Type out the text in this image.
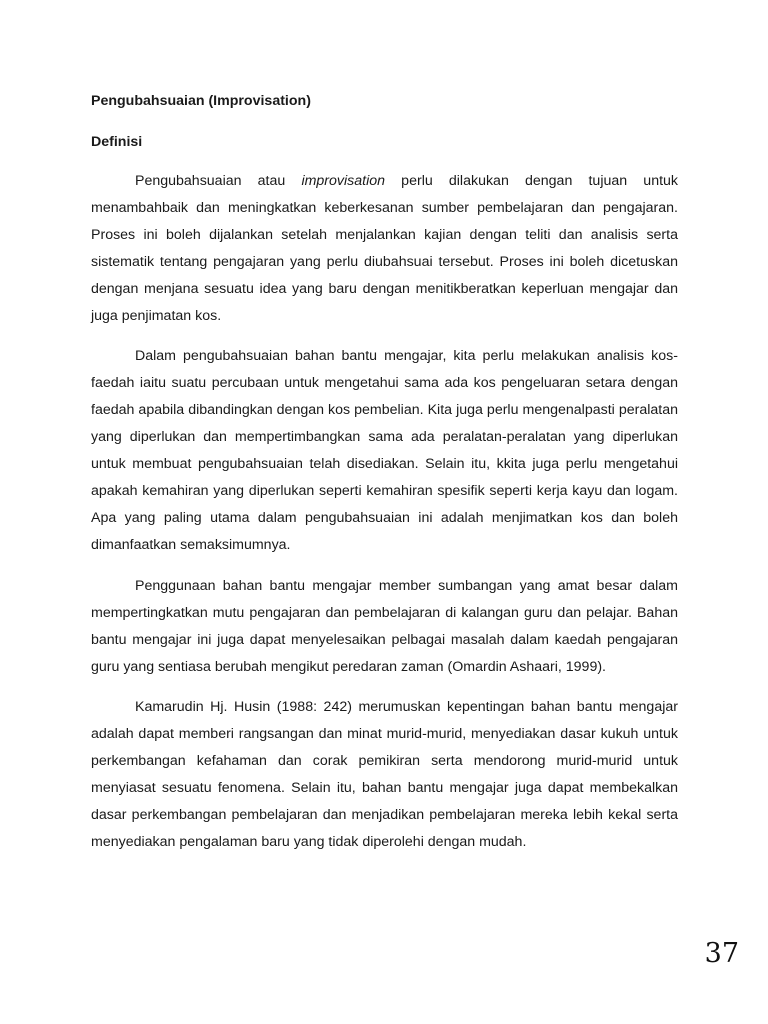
Pengubahsuaian (Improvisation)
Definisi

Pengubahsuaian atau improvisation perlu dilakukan dengan tujuan untuk menambahbaik dan meningkatkan keberkesanan sumber pembelajaran dan pengajaran. Proses ini boleh dijalankan setelah menjalankan kajian dengan teliti dan analisis serta sistematik tentang pengajaran yang perlu diubahsuai tersebut. Proses ini boleh dicetuskan dengan menjana sesuatu idea yang baru dengan menitikberatkan keperluan mengajar dan juga penjimatan kos.

Dalam pengubahsuaian bahan bantu mengajar, kita perlu melakukan analisis kos-faedah iaitu suatu percubaan untuk mengetahui sama ada kos pengeluaran setara dengan faedah apabila dibandingkan dengan kos pembelian. Kita juga perlu mengenalpasti peralatan yang diperlukan dan mempertimbangkan sama ada peralatan-peralatan yang diperlukan untuk membuat pengubahsuaian telah disediakan. Selain itu, kkita juga perlu mengetahui apakah kemahiran yang diperlukan seperti kemahiran spesifik seperti kerja kayu dan logam. Apa yang paling utama dalam pengubahsuaian ini adalah menjimatkan kos dan boleh dimanfaatkan semaksimumnya.

Penggunaan bahan bantu mengajar member sumbangan yang amat besar dalam mempertingkatkan mutu pengajaran dan pembelajaran di kalangan guru dan pelajar. Bahan bantu mengajar ini juga dapat menyelesaikan pelbagai masalah dalam kaedah pengajaran guru yang sentiasa berubah mengikut peredaran zaman (Omardin Ashaari, 1999).

Kamarudin Hj. Husin (1988: 242) merumuskan kepentingan bahan bantu mengajar adalah dapat memberi rangsangan dan minat murid-murid, menyediakan dasar kukuh untuk perkembangan kefahaman dan corak pemikiran serta mendorong murid-murid untuk menyiasat sesuatu fenomena. Selain itu, bahan bantu mengajar juga dapat membekalkan dasar perkembangan pembelajaran dan menjadikan pembelajaran mereka lebih kekal serta menyediakan pengalaman baru yang tidak diperolehi dengan mudah.

37
